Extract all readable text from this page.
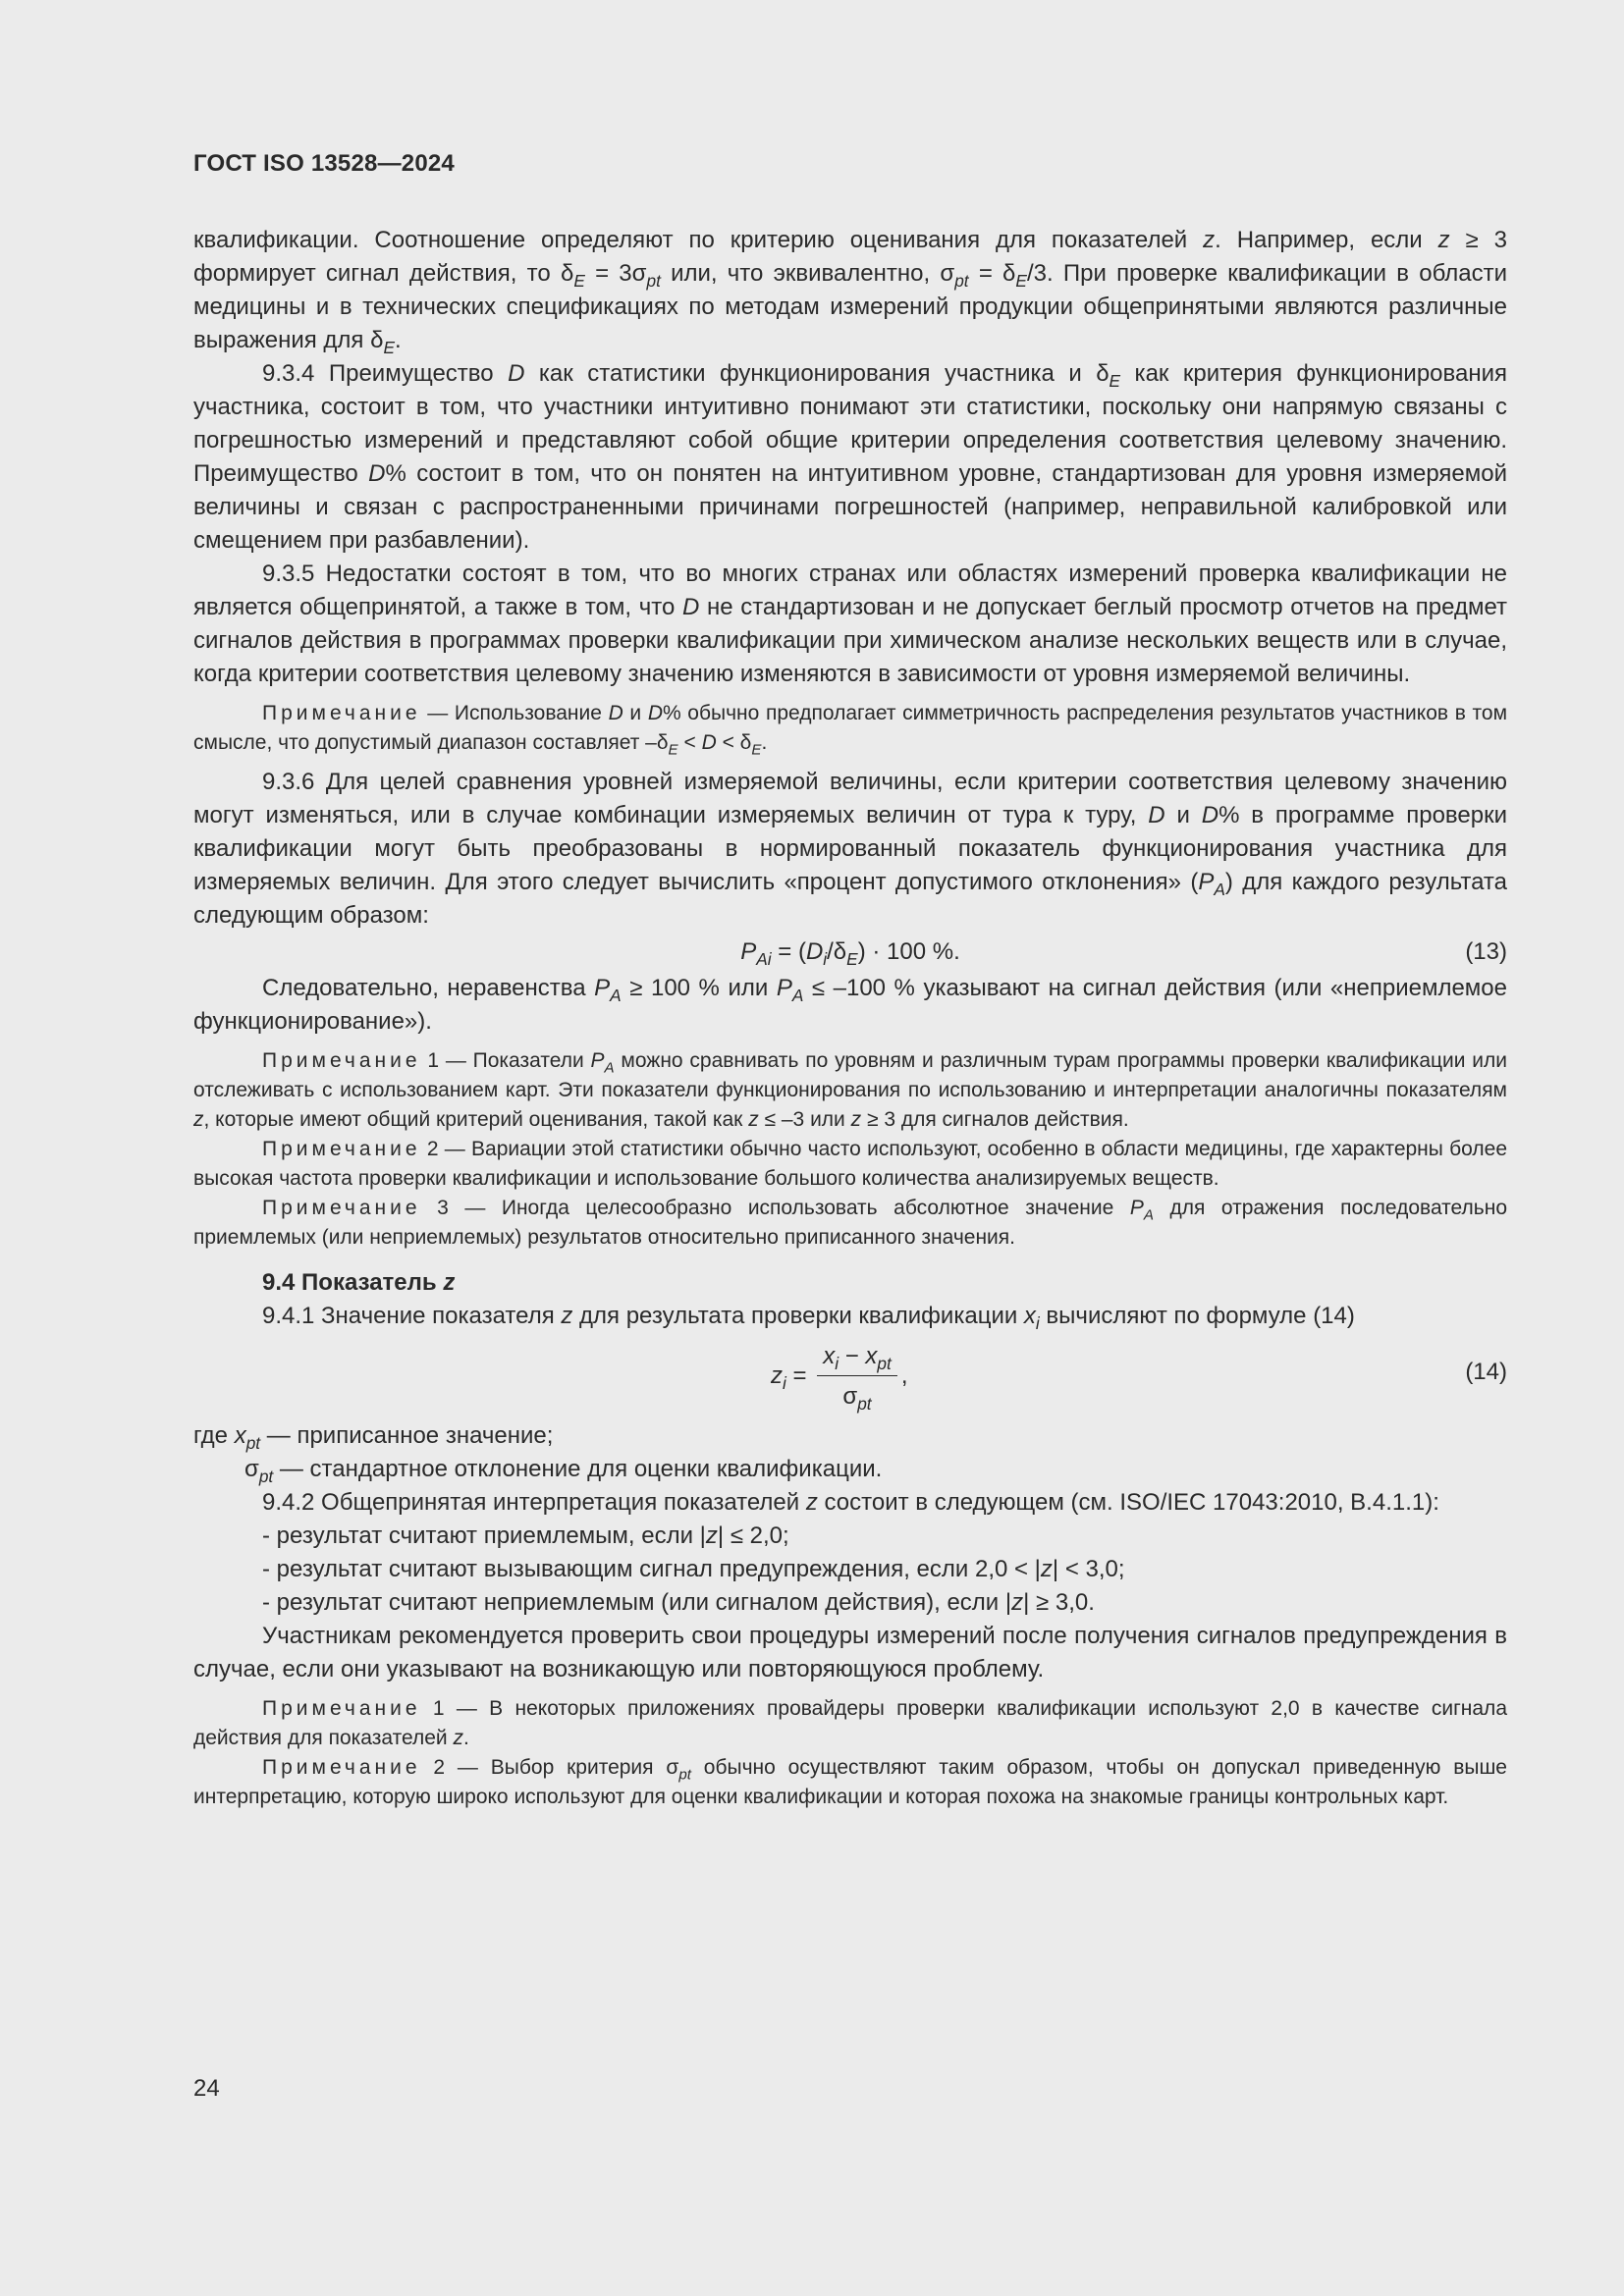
ГОСТ ISO 13528—2024

квалификации. Соотношение определяют по критерию оценивания для показателей z. Например, если z ≥ 3 формирует сигнал действия, то $\delta_E = 3\sigma_{pt}$ или, что эквивалентно, $\sigma_{pt} = \delta_E/3$. При проверке квалификации в области медицины и в технических спецификациях по методам измерений продукции общепринятыми являются различные выражения для $\delta_E$.

9.3.4 Преимущество D как статистики функционирования участника и $\delta_E$ как критерия функционирования участника, состоит в том, что участники интуитивно понимают эти статистики, поскольку они напрямую связаны с погрешностью измерений и представляют собой общие критерии определения соответствия целевому значению. Преимущество D% состоит в том, что он понятен на интуитивном уровне, стандартизован для уровня измеряемой величины и связан с распространенными причинами погрешностей (например, неправильной калибровкой или смещением при разбавлении).

9.3.5 Недостатки состоят в том, что во многих странах или областях измерений проверка квалификации не является общепринятой, а также в том, что D не стандартизован и не допускает беглый просмотр отчетов на предмет сигналов действия в программах проверки квалификации при химическом анализе нескольких веществ или в случае, когда критерии соответствия целевому значению изменяются в зависимости от уровня измеряемой величины.

Примечание — Использование D и D% обычно предполагает симметричность распределения результатов участников в том смысле, что допустимый диапазон составляет $-\delta_E < D < \delta_E$.

9.3.6 Для целей сравнения уровней измеряемой величины, если критерии соответствия целевому значению могут изменяться, или в случае комбинации измеряемых величин от тура к туру, D и D% в программе проверки квалификации могут быть преобразованы в нормированный показатель функционирования участника для измеряемых величин. Для этого следует вычислить «процент допустимого отклонения» $(P_A)$ для каждого результата следующим образом:

$P_{Ai} = (D_i/\delta_E) \cdot 100$ %.	(13)

Следовательно, неравенства $P_A \ge 100$ % или $P_A \le -100$ % указывают на сигнал действия (или «неприемлемое функционирование»).

Примечание 1 — Показатели $P_A$ можно сравнивать по уровням и различным турам программы проверки квалификации или отслеживать с использованием карт. Эти показатели функционирования по использованию и интерпретации аналогичны показателям z, которые имеют общий критерий оценивания, такой как z ≤ –3 или z ≥ 3 для сигналов действия.

Примечание 2 — Вариации этой статистики обычно часто используют, особенно в области медицины, где характерны более высокая частота проверки квалификации и использование большого количества анализируемых веществ.

Примечание 3 — Иногда целесообразно использовать абсолютное значение $P_A$ для отражения последовательно приемлемых (или неприемлемых) результатов относительно приписанного значения.

9.4 Показатель z

9.4.1 Значение показателя z для результата проверки квалификации $x_i$ вычисляют по формуле (14)

$z_i = \frac{x_i - x_{pt}}{\sigma_{pt}}$ ,	(14)
где $x_{pt}$ — приписанное значение;
$\sigma_{pt}$ — стандартное отклонение для оценки квалификации.

9.4.2 Общепринятая интерпретация показателей z состоит в следующем (см. ISO/IEC 17043:2010, В.4.1.1):

- результат считают приемлемым, если |z| ≤ 2,0;

- результат считают вызывающим сигнал предупреждения, если 2,0 < |z| < 3,0;

- результат считают неприемлемым (или сигналом действия), если |z| ≥ 3,0.

Участникам рекомендуется проверить свои процедуры измерений после получения сигналов предупреждения в случае, если они указывают на возникающую или повторяющуюся проблему.

Примечание 1 — В некоторых приложениях провайдеры проверки квалификации используют 2,0 в качестве сигнала действия для показателей z.

Примечание 2 — Выбор критерия $\sigma_{pt}$ обычно осуществляют таким образом, чтобы он допускал приведенную выше интерпретацию, которую широко используют для оценки квалификации и которая похожа на знакомые границы контрольных карт.

24
